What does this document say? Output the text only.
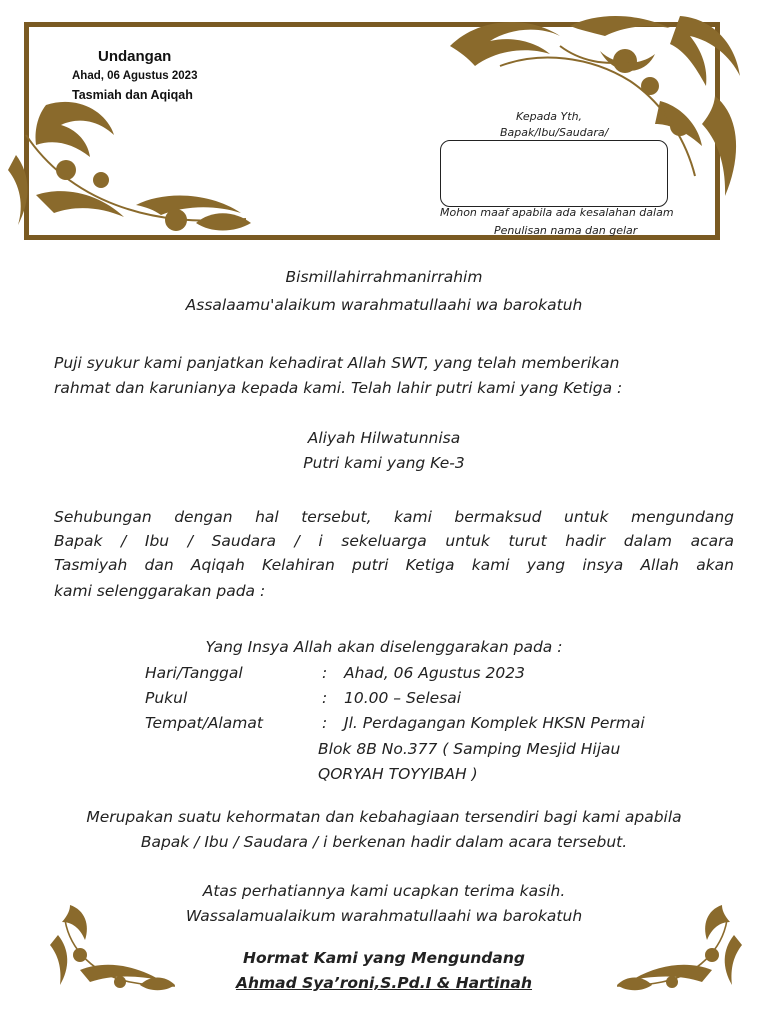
Undangan
Ahad, 06 Agustus 2023
Tasmiah dan Aqiqah
Kepada Yth,
Bapak/Ibu/Saudara/
Mohon maaf apabila ada kesalahan dalam
Penulisan nama dan gelar
Bismillahirrahmanirrahim
Assalaamu'alaikum warahmatullaahi wa barokatuh
Puji syukur kami panjatkan kehadirat Allah SWT, yang telah memberikan
rahmat dan karunianya kepada kami. Telah lahir putri kami yang Ketiga :
Aliyah Hilwatunnisa
Putri kami yang Ke-3
Sehubungan dengan hal tersebut, kami bermaksud untuk mengundang
Bapak / Ibu / Saudara / i sekeluarga untuk turut hadir dalam acara
Tasmiyah dan Aqiqah Kelahiran putri Ketiga kami yang insya Allah akan
kami selenggarakan pada :
Yang Insya Allah akan diselenggarakan pada :
Hari/Tanggal	: Ahad, 06 Agustus 2023
Pukul	: 10.00 – Selesai
Tempat/Alamat	: Jl. Perdagangan Komplek HKSN Permai
Blok 8B No.377 ( Samping Mesjid Hijau
QORYAH TOYYIBAH )
Merupakan suatu kehormatan dan kebahagiaan tersendiri bagi kami apabila
Bapak / Ibu / Saudara / i berkenan hadir dalam acara tersebut.
Atas perhatiannya kami ucapkan terima kasih.
Wassalamualaikum warahmatullaahi wa barokatuh
Hormat Kami yang Mengundang
Ahmad Sya’roni,S.Pd.I & Hartinah
